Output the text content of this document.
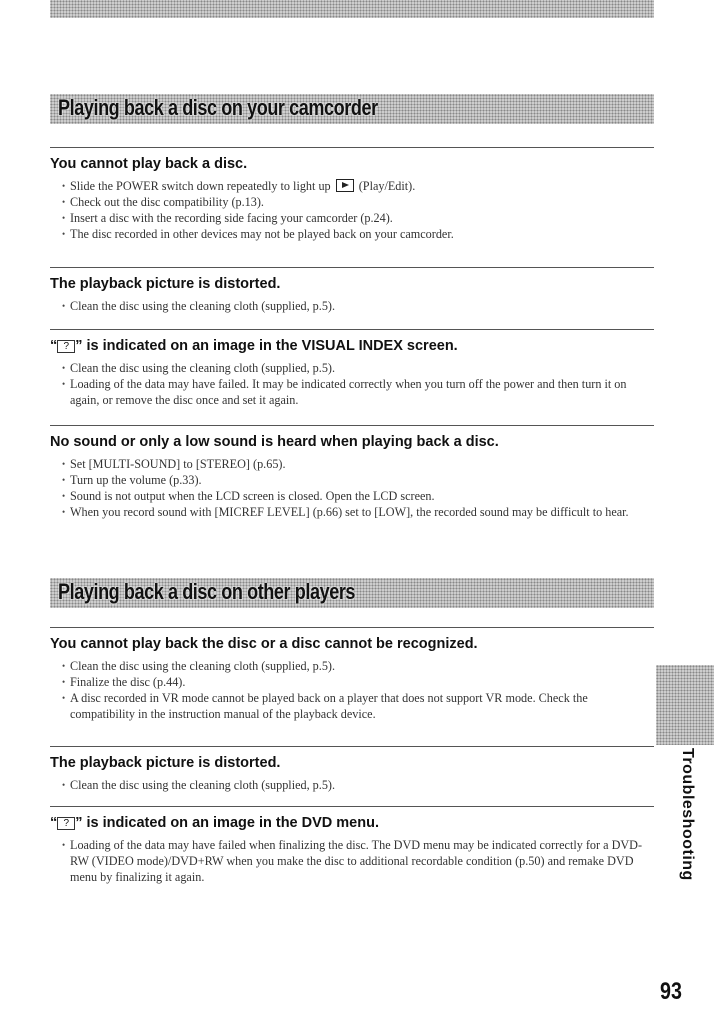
Playing back a disc on your camcorder
You cannot play back a disc.
• Slide the POWER switch down repeatedly to light up (Play/Edit).
• Check out the disc compatibility (p.13).
• Insert a disc with the recording side facing your camcorder (p.24).
• The disc recorded in other devices may not be played back on your camcorder.
The playback picture is distorted.
• Clean the disc using the cleaning cloth (supplied, p.5).
“ ? ” is indicated on an image in the VISUAL INDEX screen.
• Clean the disc using the cleaning cloth (supplied, p.5).
• Loading of the data may have failed. It may be indicated correctly when you turn off the power and then turn it on again, or remove the disc once and set it again.
No sound or only a low sound is heard when playing back a disc.
• Set [MULTI-SOUND] to [STEREO] (p.65).
• Turn up the volume (p.33).
• Sound is not output when the LCD screen is closed. Open the LCD screen.
• When you record sound with [MICREF LEVEL] (p.66) set to [LOW], the recorded sound may be difficult to hear.
Playing back a disc on other players
You cannot play back the disc or a disc cannot be recognized.
• Clean the disc using the cleaning cloth (supplied, p.5).
• Finalize the disc (p.44).
• A disc recorded in VR mode cannot be played back on a player that does not support VR mode. Check the compatibility in the instruction manual of the playback device.
The playback picture is distorted.
• Clean the disc using the cleaning cloth (supplied, p.5).
“ ? ” is indicated on an image in the DVD menu.
• Loading of the data may have failed when finalizing the disc. The DVD menu may be indicated correctly for a DVD-RW (VIDEO mode)/DVD+RW when you make the disc to additional recordable condition (p.50) and remake DVD menu by finalizing it again.	Troubleshooting
93
